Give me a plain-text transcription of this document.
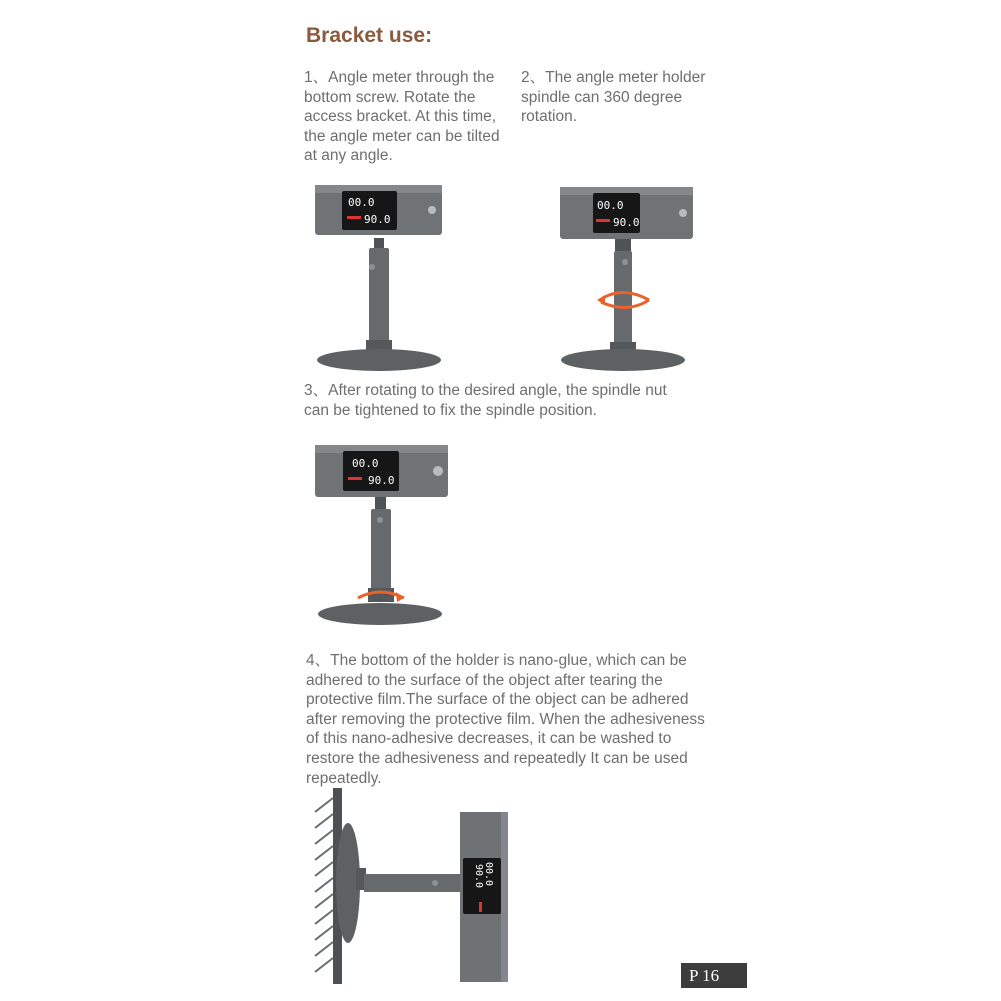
Bracket use:
1、Angle meter through the
bottom screw. Rotate the
access bracket. At this time,
the angle meter can be tilted
at any angle.
2、The angle meter holder
spindle can 360 degree
rotation.
3、After rotating to the desired angle, the spindle nut
can be tightened to fix the spindle position.
4、The bottom of the holder is nano-glue, which can be
adhered to the surface of the object after tearing the
protective film.The surface of the object can be adhered
after removing the protective film. When the adhesiveness
of this nano-adhesive decreases, it can be washed to
restore the adhesiveness and repeatedly It can be used
repeatedly.
00.0
90.0
00.0
90.0
00.0
90.0
90.0 00.0
P 16
